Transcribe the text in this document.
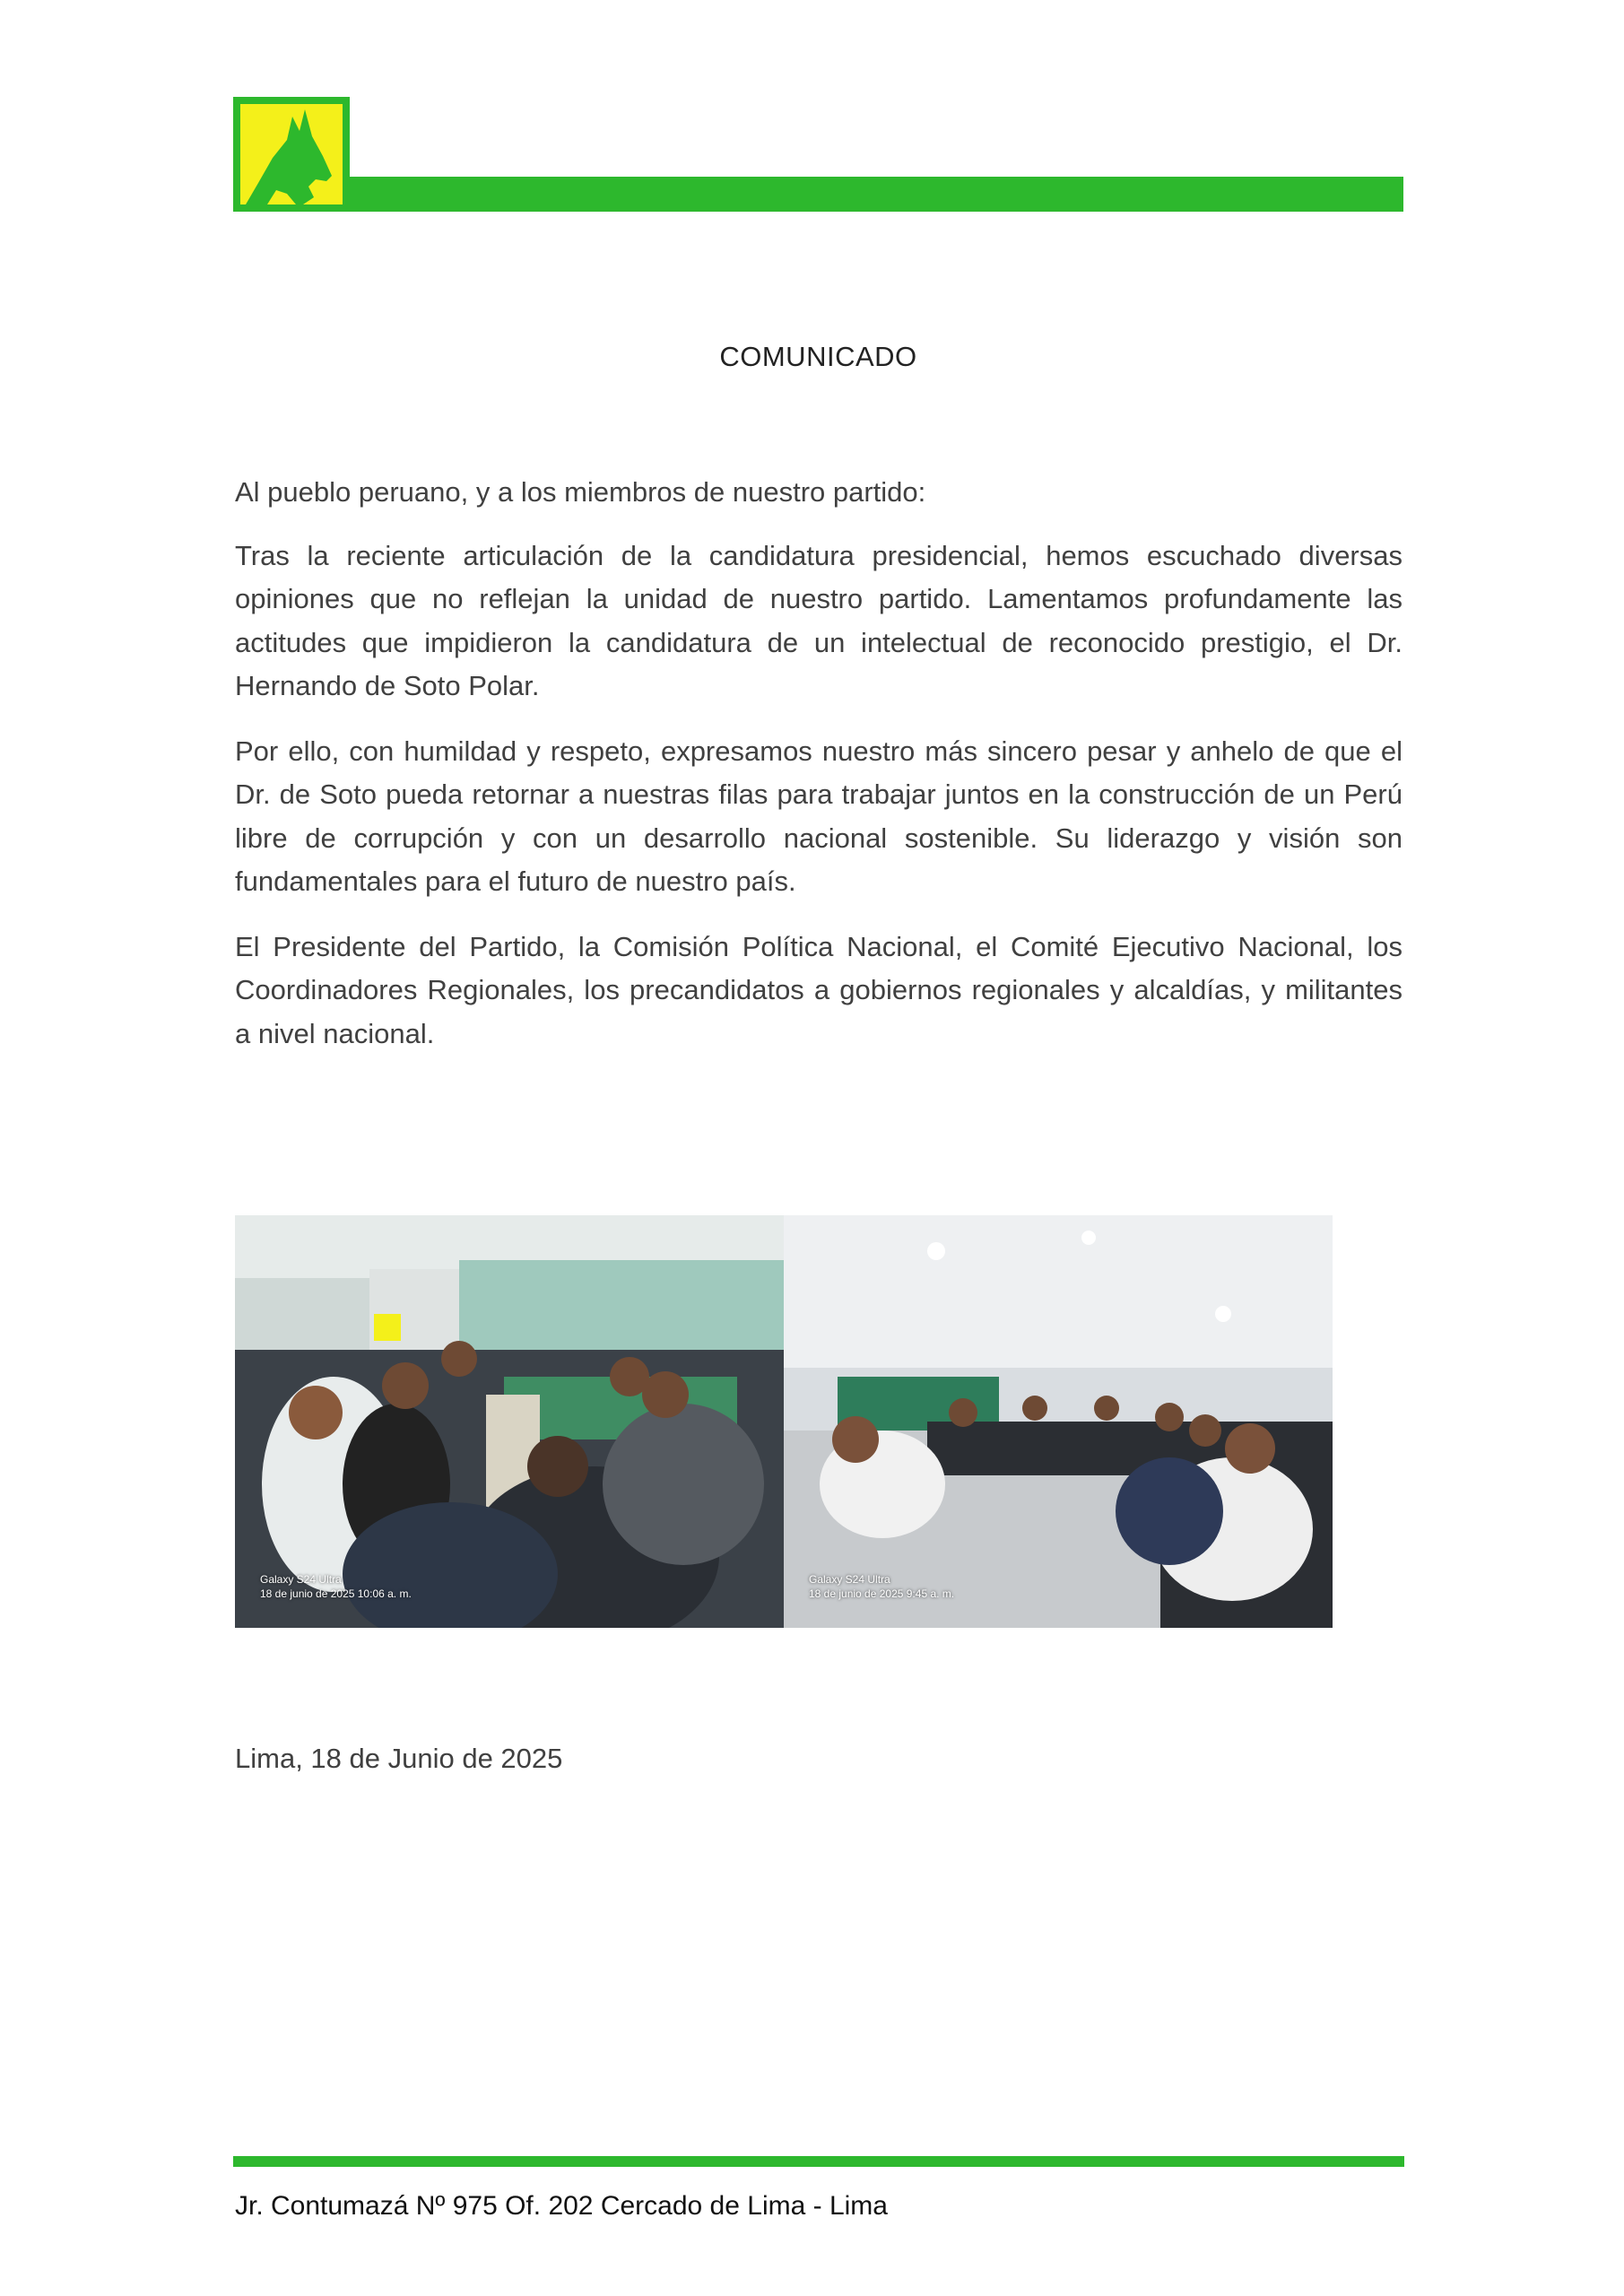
COMUNICADO

Al pueblo peruano, y a los miembros de nuestro partido:

Tras la reciente articulación de la candidatura presidencial, hemos escuchado diversas opiniones que no reflejan la unidad de nuestro partido. Lamentamos profundamente las actitudes que impidieron la candidatura de un intelectual de reconocido prestigio, el Dr. Hernando de Soto Polar.

Por ello, con humildad y respeto, expresamos nuestro más sincero pesar y anhelo de que el Dr. de Soto pueda retornar a nuestras filas para trabajar juntos en la construcción de un Perú libre de corrupción y con un desarrollo nacional sostenible. Su liderazgo y visión son fundamentales para el futuro de nuestro país.

El Presidente del Partido, la Comisión Política Nacional, el Comité Ejecutivo Nacional, los Coordinadores Regionales, los precandidatos a gobiernos regionales y alcaldías, y militantes a nivel nacional.

Galaxy S24 Ultra
18 de junio de 2025 10:06 a. m.
Galaxy S24 Ultra
18 de junio de 2025 9:45 a. m.
Lima, 18 de Junio de 2025
Jr. Contumazá Nº 975 Of. 202 Cercado de Lima - Lima
